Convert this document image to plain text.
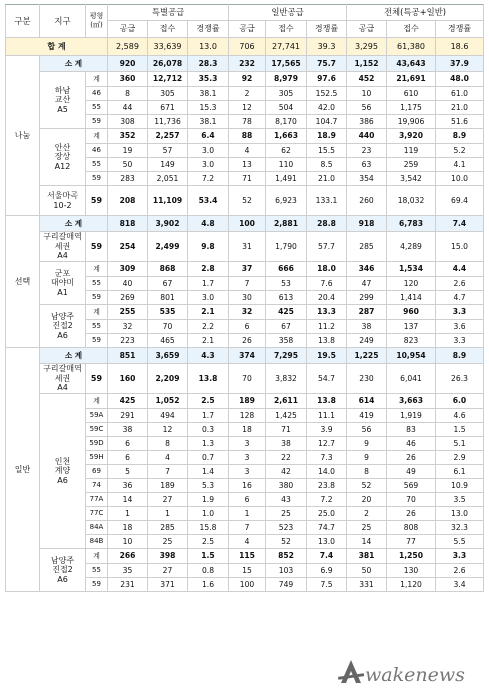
구분	지구	평형
(㎡)	특별공급			일반공급			전체(특공+일반)		
			공급	접수	경쟁률	공급	접수	경쟁률	공급	접수	경쟁률
합 계			2,589	33,639	13.0	706	27,741	39.3	3,295	61,380	18.6
나눔	소 계		920	26,078	28.3	232	17,565	75.7	1,152	43,643	37.9
	하남
교산
A5	계	360	12,712	35.3	92	8,979	97.6	452	21,691	48.0
		46	8	305	38.1	2	305	152.5	10	610	61.0
		55	44	671	15.3	12	504	42.0	56	1,175	21.0
		59	308	11,736	38.1	78	8,170	104.7	386	19,906	51.6
	안산
장상
A12	계	352	2,257	6.4	88	1,663	18.9	440	3,920	8.9
		46	19	57	3.0	4	62	15.5	23	119	5.2
		55	50	149	3.0	13	110	8.5	63	259	4.1
		59	283	2,051	7.2	71	1,491	21.0	354	3,542	10.0
	서울마곡
10-2	59	208	11,109	53.4	52	6,923	133.1	260	18,032	69.4
선택	소 계		818	3,902	4.8	100	2,881	28.8	918	6,783	7.4
	구리갈매역
세권
A4	59	254	2,499	9.8	31	1,790	57.7	285	4,289	15.0
	군포
대야미
A1	계	309	868	2.8	37	666	18.0	346	1,534	4.4
		55	40	67	1.7	7	53	7.6	47	120	2.6
		59	269	801	3.0	30	613	20.4	299	1,414	4.7
	남양주
진접2
A6	계	255	535	2.1	32	425	13.3	287	960	3.3
		55	32	70	2.2	6	67	11.2	38	137	3.6
		59	223	465	2.1	26	358	13.8	249	823	3.3
일반	소 계		851	3,659	4.3	374	7,295	19.5	1,225	10,954	8.9
	구리갈매역
세권
A4	59	160	2,209	13.8	70	3,832	54.7	230	6,041	26.3
	인천
계양
A6	계	425	1,052	2.5	189	2,611	13.8	614	3,663	6.0
		59A	291	494	1.7	128	1,425	11.1	419	1,919	4.6
		59C	38	12	0.3	18	71	3.9	56	83	1.5
		59D	6	8	1.3	3	38	12.7	9	46	5.1
		59H	6	4	0.7	3	22	7.3	9	26	2.9
		69	5	7	1.4	3	42	14.0	8	49	6.1
		74	36	189	5.3	16	380	23.8	52	569	10.9
		77A	14	27	1.9	6	43	7.2	20	70	3.5
		77C	1	1	1.0	1	25	25.0	2	26	13.0
		84A	18	285	15.8	7	523	74.7	25	808	32.3
		84B	10	25	2.5	4	52	13.0	14	77	5.5
	남양주
진접2
A6	계	266	398	1.5	115	852	7.4	381	1,250	3.3
		55	35	27	0.8	15	103	6.9	50	130	2.6
		59	231	371	1.6	100	749	7.5	331	1,120	3.4
wakenews
